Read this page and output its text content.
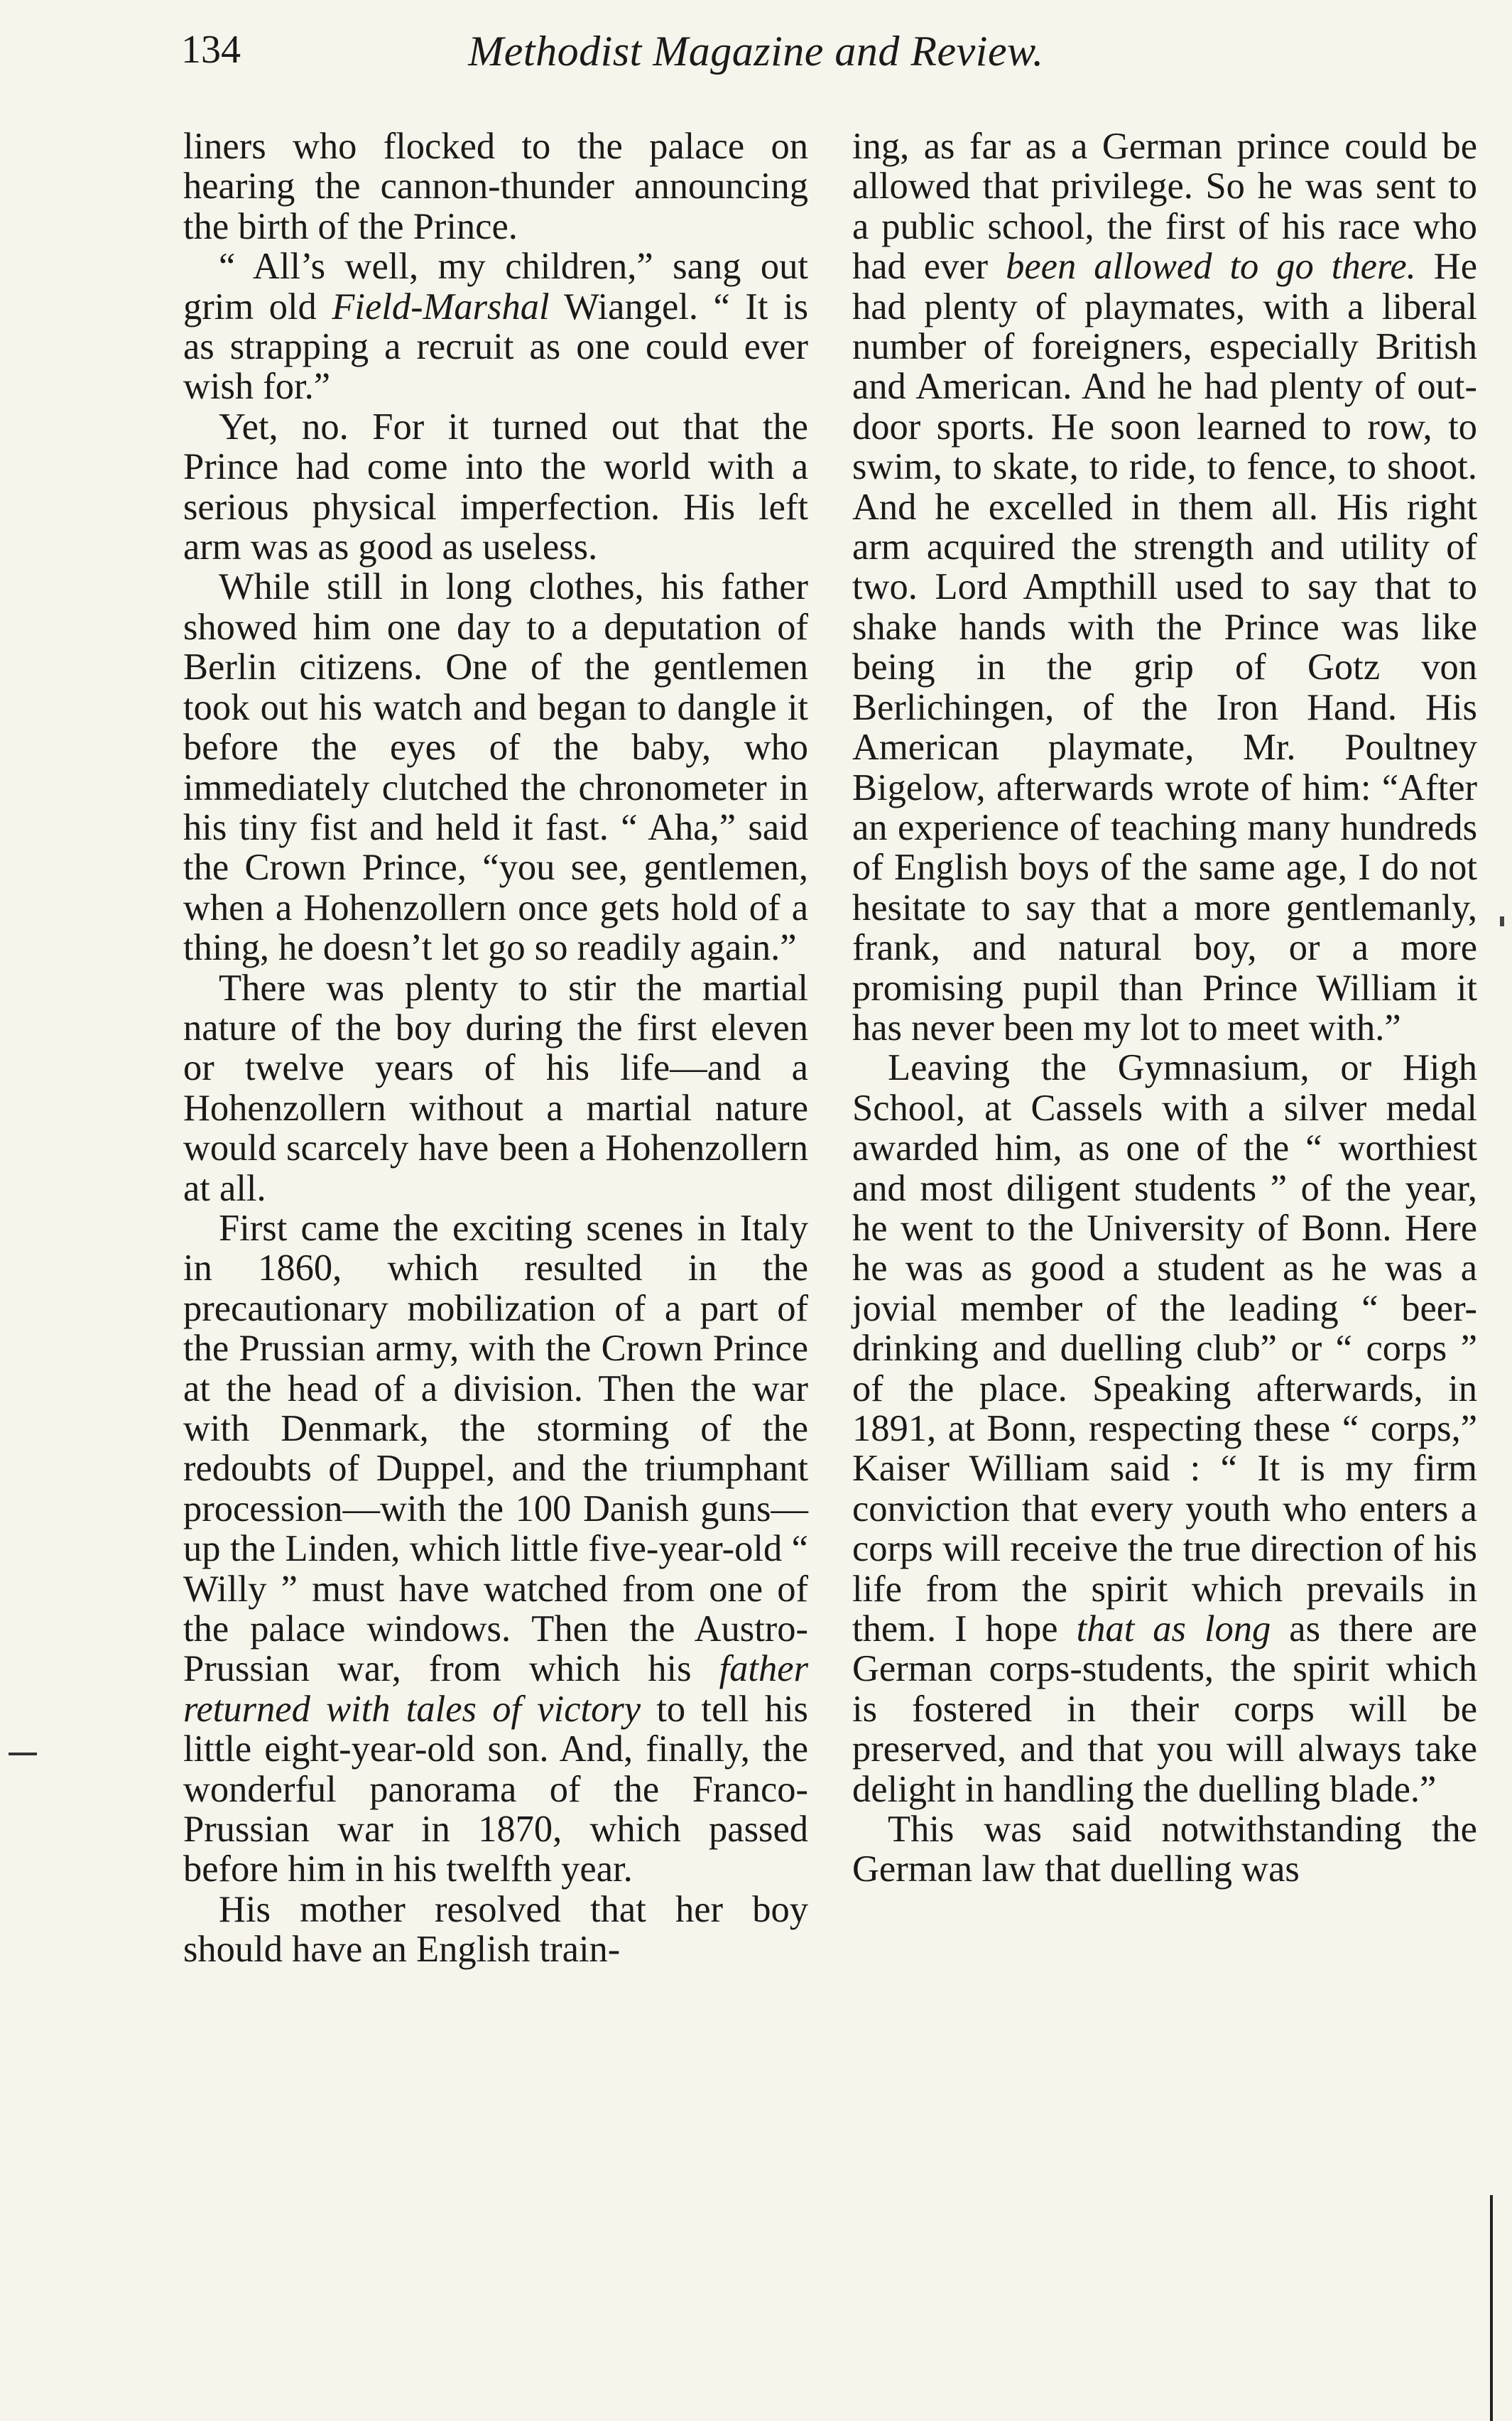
134	Methodist Magazine and Review.

liners who flocked to the palace on hearing the cannon-thunder announcing the birth of the Prince.

“ All’s well, my children,” sang out grim old Field-Marshal Wiangel. “ It is as strapping a recruit as one could ever wish for.”

Yet, no. For it turned out that the Prince had come into the world with a serious physical imperfection. His left arm was as good as useless.

While still in long clothes, his father showed him one day to a deputation of Berlin citizens. One of the gentlemen took out his watch and began to dangle it before the eyes of the baby, who immediately clutched the chronometer in his tiny fist and held it fast. “ Aha,” said the Crown Prince, “you see, gentlemen, when a Hohenzollern once gets hold of a thing, he doesn’t let go so readily again.”

There was plenty to stir the martial nature of the boy during the first eleven or twelve years of his life—and a Hohenzollern without a martial nature would scarcely have been a Hohenzollern at all.

First came the exciting scenes in Italy in 1860, which resulted in the precautionary mobilization of a part of the Prussian army, with the Crown Prince at the head of a division. Then the war with Denmark, the storming of the redoubts of Duppel, and the triumphant procession—with the 100 Danish guns—up the Linden, which little five-year-old “ Willy ” must have watched from one of the palace windows. Then the Austro-Prussian war, from which his father returned with tales of victory to tell his little eight-year-old son. And, finally, the wonderful panorama of the Franco-Prussian war in 1870, which passed before him in his twelfth year.

His mother resolved that her boy should have an English train-

ing, as far as a German prince could be allowed that privilege. So he was sent to a public school, the first of his race who had ever been allowed to go there. He had plenty of playmates, with a liberal number of foreigners, especially British and American. And he had plenty of out-door sports. He soon learned to row, to swim, to skate, to ride, to fence, to shoot. And he excelled in them all. His right arm acquired the strength and utility of two. Lord Ampthill used to say that to shake hands with the Prince was like being in the grip of Gotz von Berlichingen, of the Iron Hand. His American playmate, Mr. Poultney Bigelow, afterwards wrote of him: “After an experience of teaching many hundreds of English boys of the same age, I do not hesitate to say that a more gentlemanly, frank, and natural boy, or a more promising pupil than Prince William it has never been my lot to meet with.”

Leaving the Gymnasium, or High School, at Cassels with a silver medal awarded him, as one of the “ worthiest and most diligent students ” of the year, he went to the University of Bonn. Here he was as good a student as he was a jovial member of the leading “ beer-drinking and duelling club” or “ corps ” of the place. Speaking afterwards, in 1891, at Bonn, respecting these “ corps,” Kaiser William said : “ It is my firm conviction that every youth who enters a corps will receive the true direction of his life from the spirit which prevails in them. I hope that as long as there are German corps-students, the spirit which is fostered in their corps will be preserved, and that you will always take delight in handling the duelling blade.”

This was said notwithstanding the German law that duelling was
